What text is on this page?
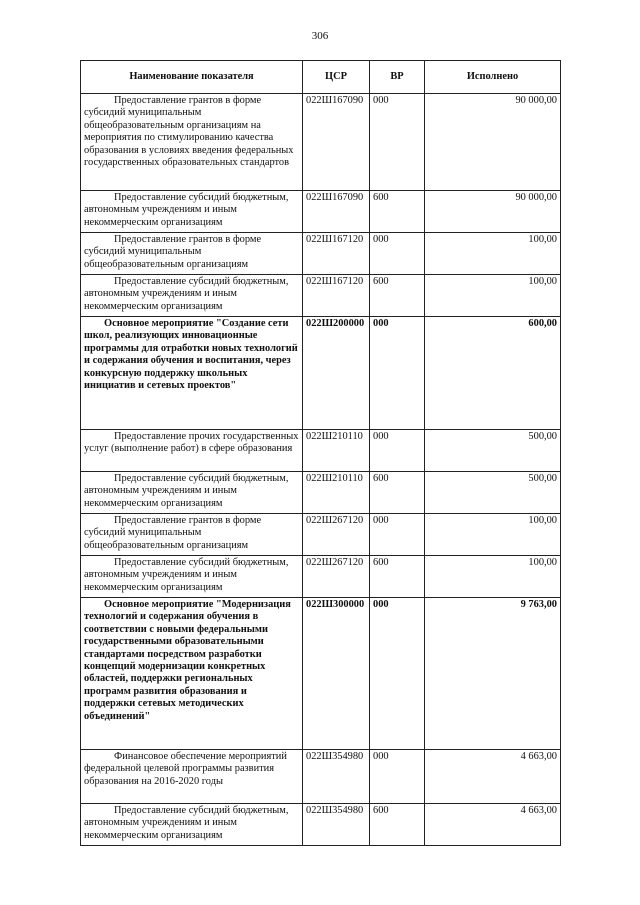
306
Наименование показателя	ЦСР	ВР	Исполнено
Предоставление грантов в форме субсидий муниципальным общеобразовательным организациям на мероприятия по стимулированию качества образования в условиях введения федеральных государственных образовательных стандартов	022Ш167090	000	90 000,00
Предоставление субсидий бюджетным, автономным учреждениям и иным некоммерческим организациям	022Ш167090	600	90 000,00
Предоставление грантов в форме субсидий муниципальным общеобразовательным организациям	022Ш167120	000	100,00
Предоставление субсидий бюджетным, автономным учреждениям и иным некоммерческим организациям	022Ш167120	600	100,00
Основное мероприятие "Создание сети школ, реализующих инновационные программы для отработки новых технологий и содержания обучения и воспитания, через конкурсную поддержку школьных инициатив и сетевых проектов"	022Ш200000	000	600,00
Предоставление прочих государственных услуг (выполнение работ) в сфере образования	022Ш210110	000	500,00
Предоставление субсидий бюджетным, автономным учреждениям и иным некоммерческим организациям	022Ш210110	600	500,00
Предоставление грантов в форме субсидий муниципальным общеобразовательным организациям	022Ш267120	000	100,00
Предоставление субсидий бюджетным, автономным учреждениям и иным некоммерческим организациям	022Ш267120	600	100,00
Основное мероприятие "Модернизация технологий и содержания обучения в соответствии с новыми федеральными государственными образовательными стандартами посредством разработки концепций модернизации конкретных областей, поддержки региональных программ развития образования и поддержки сетевых методических объединений"	022Ш300000	000	9 763,00
Финансовое обеспечение мероприятий федеральной целевой программы развития образования на 2016-2020 годы	022Ш354980	000	4 663,00
Предоставление субсидий бюджетным, автономным учреждениям и иным некоммерческим организациям	022Ш354980	600	4 663,00
